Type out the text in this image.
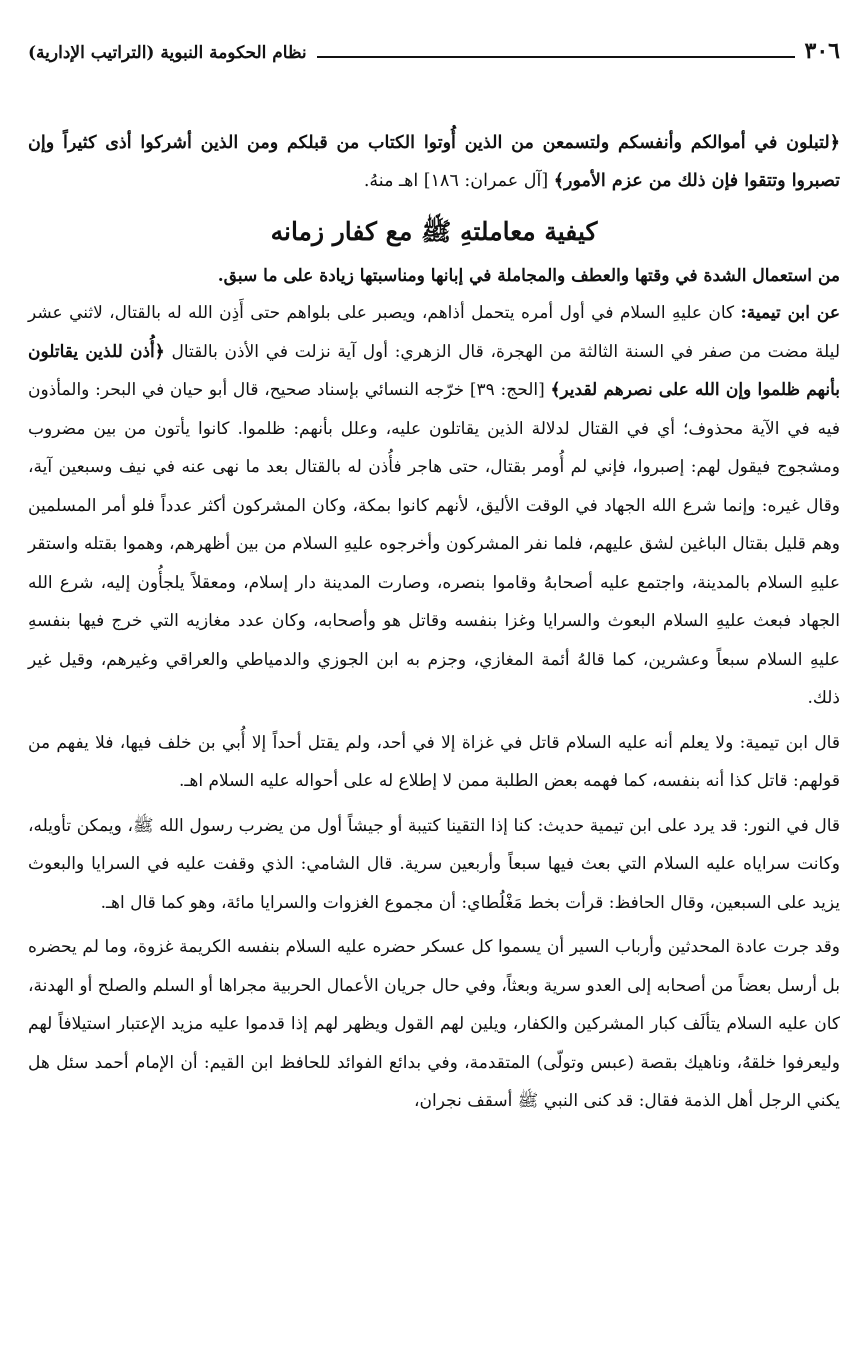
٣٠٦
نظام الحكومة النبوية (التراتيب الإدارية)
﴿لتبلون في أموالكم وأنفسكم ولتسمعن من الذين أُوتوا الكتاب من قبلكم ومن الذين أشركوا أذى كثيراً وإن تصبروا وتتقوا فإن ذلك من عزم الأمور﴾ [آل عمران: ١٨٦] اهـ منهُ.
كيفية معاملتهِ ﷺ مع كفار زمانه
من استعمال الشدة في وقتها والعطف والمجاملة في إبانها ومناسبتها زيادة على ما سبق.

عن ابن تيمية: كان عليهِ السلام في أول أمره يتحمل أذاهم، ويصبر على بلواهم حتى أَذِن الله له بالقتال، لاثني عشر ليلة مضت من صفر في السنة الثالثة من الهجرة، قال الزهري: أول آية نزلت في الأذن بالقتال ﴿أُذن للذين يقاتلون بأنهم ظلموا وإن الله على نصرهم لقدير﴾ [الحج: ٣٩] خرّجه النسائي بإسناد صحيح، قال أبو حيان في البحر: والمأذون فيه في الآية محذوف؛ أي في القتال لدلالة الذين يقاتلون عليه، وعلل بأنهم: ظلموا. كانوا يأتون من بين مضروب ومشجوج فيقول لهم: إصبروا، فإني لم أُومر بقتال، حتى هاجر فأُذن له بالقتال بعد ما نهى عنه في نيف وسبعين آية، وقال غيره: وإنما شرع الله الجهاد في الوقت الأليق، لأنهم كانوا بمكة، وكان المشركون أكثر عدداً فلو أمر المسلمين وهم قليل بقتال الباغين لشق عليهم، فلما نفر المشركون وأخرجوه عليهِ السلام من بين أظهرهم، وهموا بقتله واستقر عليهِ السلام بالمدينة، واجتمع عليه أصحابهُ وقاموا بنصره، وصارت المدينة دار إسلام، ومعقلاً يلجأُون إليه، شرع الله الجهاد فبعث عليهِ السلام البعوث والسرايا وغزا بنفسه وقاتل هو وأصحابه، وكان عدد مغازيه التي خرج فيها بنفسهِ عليهِ السلام سبعاً وعشرين، كما قالهُ أئمة المغازي، وجزم به ابن الجوزي والدمياطي والعراقي وغيرهم، وقيل غير ذلك.

قال ابن تيمية: ولا يعلم أنه عليه السلام قاتل في غزاة إلا في أحد، ولم يقتل أحداً إلا أُبي بن خلف فيها، فلا يفهم من قولهم: قاتل كذا أنه بنفسه، كما فهمه بعض الطلبة ممن لا إطلاع له على أحواله عليه السلام اهـ.

قال في النور: قد يرد على ابن تيمية حديث: كنا إذا التقينا كتيبة أو جيشاً أول من يضرب رسول الله ﷺ، ويمكن تأويله، وكانت سراياه عليه السلام التي بعث فيها سبعاً وأربعين سرية. قال الشامي: الذي وقفت عليه في السرايا والبعوث يزيد على السبعين، وقال الحافظ: قرأت بخط مَغْلُطاي: أن مجموع الغزوات والسرايا مائة، وهو كما قال اهـ.

وقد جرت عادة المحدثين وأرباب السير أن يسموا كل عسكر حضره عليه السلام بنفسه الكريمة غزوة، وما لم يحضره بل أرسل بعضاً من أصحابه إلى العدو سرية وبعثاً، وفي حال جريان الأعمال الحربية مجراها أو السلم والصلح أو الهدنة، كان عليه السلام يتألَف كبار المشركين والكفار، ويلين لهم القول ويظهر لهم إذا قدموا عليه مزيد الإعتبار استيلافاً لهم وليعرفوا خلقهُ، وناهيك بقصة (عبس وتولّى) المتقدمة، وفي بدائع الفوائد للحافظ ابن القيم: أن الإمام أحمد سئل هل يكني الرجل أهل الذمة فقال: قد كنى النبي ﷺ أسقف نجران،
